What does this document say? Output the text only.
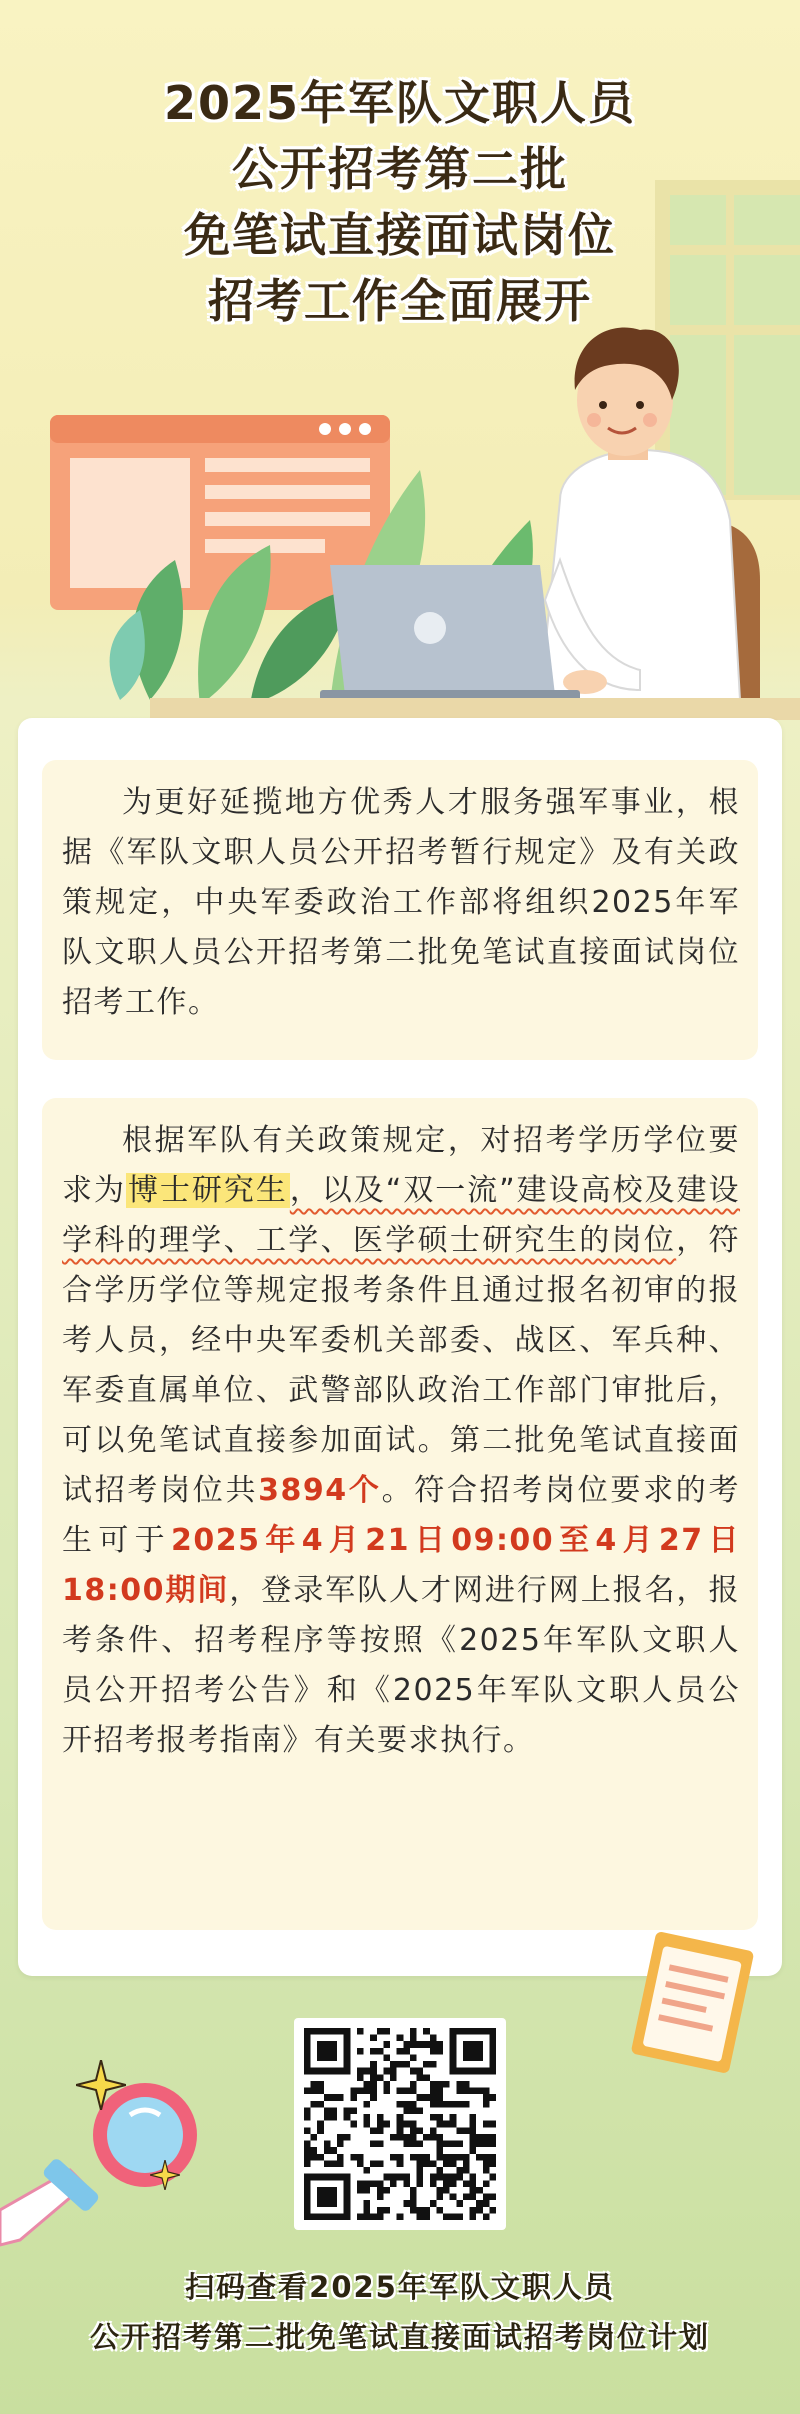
2025年军队文职人员
公开招考第二批
免笔试直接面试岗位
招考工作全面展开

为更好延揽地方优秀人才服务强军事业，根据《军队文职人员公开招考暂行规定》及有关政策规定，中央军委政治工作部将组织2025年军队文职人员公开招考第二批免笔试直接面试岗位招考工作。

根据军队有关政策规定，对招考学历学位要求为博士研究生，以及“双一流”建设高校及建设学科的理学、工学、医学硕士研究生的岗位，符合学历学位等规定报考条件且通过报名初审的报考人员，经中央军委机关部委、战区、军兵种、军委直属单位、武警部队政治工作部门审批后，可以免笔试直接参加面试。第二批免笔试直接面试招考岗位共3894个。符合招考岗位要求的考生可于2025年4月21日09:00至4月27日18:00期间，登录军队人才网进行网上报名，报考条件、招考程序等按照《2025年军队文职人员公开招考公告》和《2025年军队文职人员公开招考报考指南》有关要求执行。

扫码查看2025年军队文职人员
公开招考第二批免笔试直接面试招考岗位计划
